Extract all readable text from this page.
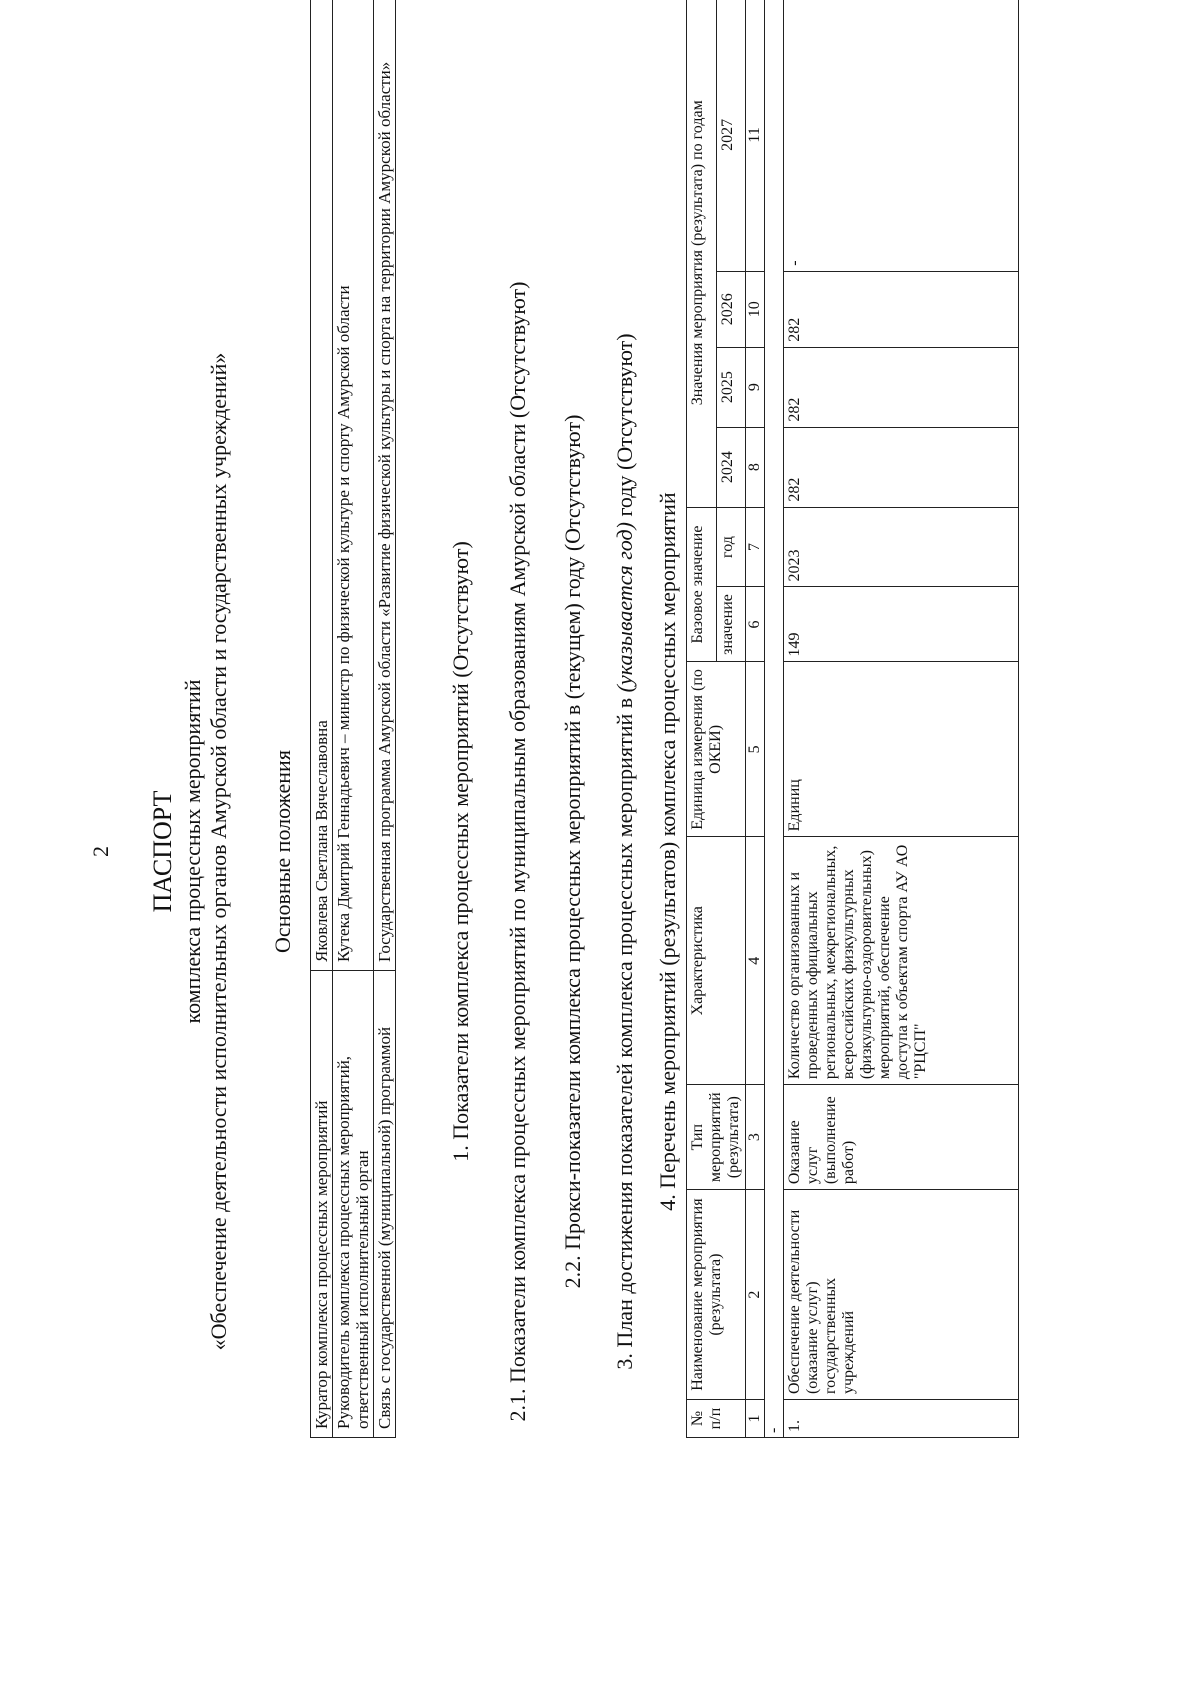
2 ПАСПОРТ комплекса процессных мероприятий «Обеспечение деятельности исполнительных органов Амурской области и государственных учреждений» Основные положения
Куратор комплекса процессных мероприятий	Яковлева Светлана Вячеславовна
Руководитель комплекса процессных мероприятий, ответственный исполнительный орган	Кутека Дмитрий Геннадьевич – министр по физической культуре и спорту Амурской области
Связь с государственной (муниципальной) программой	Государственная программа Амурской области «Развитие физической культуры и спорта на территории Амурской области» 1. Показатели комплекса процессных мероприятий (Отсутствуют) 2.1. Показатели комплекса процессных мероприятий по муниципальным образованиям Амурской области (Отсутствуют) 2.2. Прокси-показатели комплекса процессных мероприятий в (текущем) году (Отсутствуют) 3. План достижения показателей комплекса процессных мероприятий в (указывается год) году (Отсутствуют)
4. Перечень мероприятий (результатов) комплекса процессных мероприятий
№ п/п	Наименование мероприятия (результата)	Тип мероприятий (результата)	Характеристика	Единица измерения (по ОКЕИ)	Базовое значение		Значения мероприятия (результата) по годам			
					значение	год	2024	2025	2026	2027
1	2	3	4	5	6	7	8	9	10	11
-										
1.	Обеспечение деятельности (оказание услуг) государственных учреждений	Оказание услуг (выполнение работ)	Количество организованных и проведенных официальных региональных, межрегиональных, всероссийских физкультурных (физкультурно-оздоровительных) мероприятий, обеспечение доступа к объектам спорта АУ АО "РЦСП"	Единиц	149	2023	282	282	282	-
